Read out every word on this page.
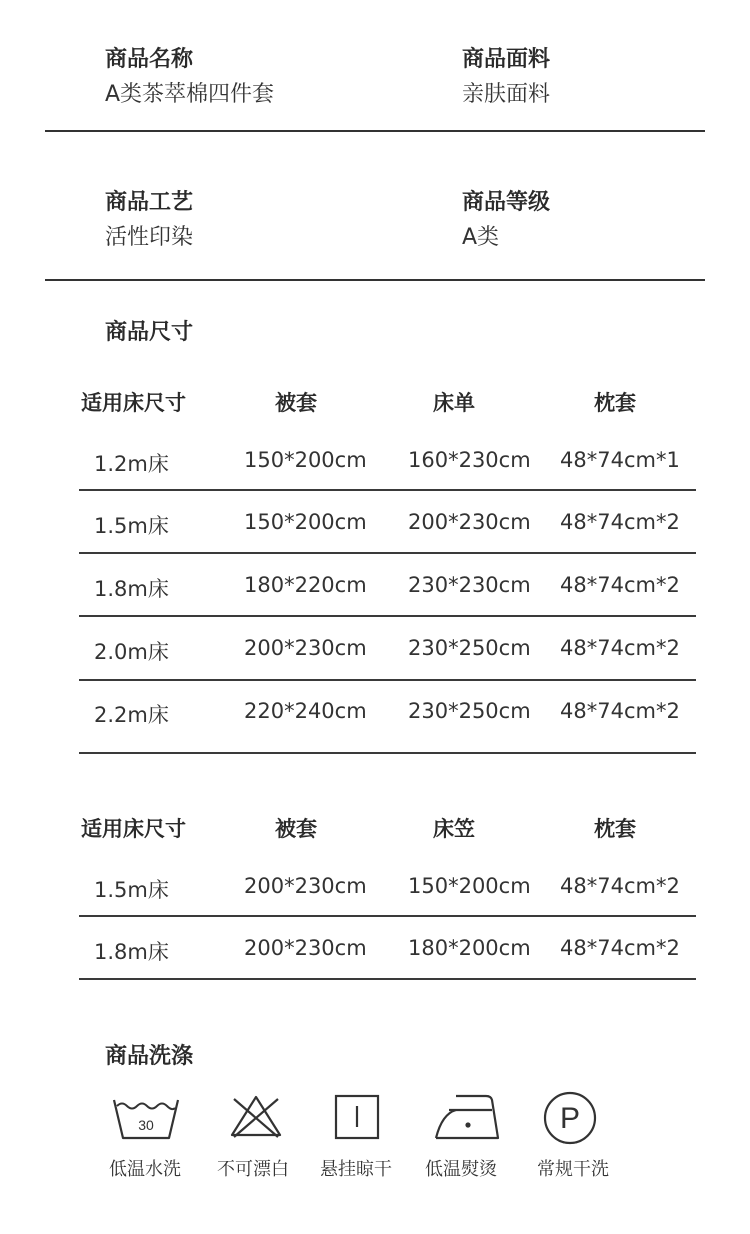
商品名称
A类茶萃棉四件套
商品面料
亲肤面料
商品工艺
活性印染
商品等级
A类
商品尺寸
适用床尺寸	被套	床单	枕套
1.2m床	150*200cm 160*230cm 48*74cm*1
1.5m床	150*200cm 200*230cm 48*74cm*2
1.8m床	180*220cm 230*230cm 48*74cm*2
2.0m床	200*230cm 230*250cm 48*74cm*2
2.2m床	220*240cm 230*250cm 48*74cm*2
适用床尺寸	被套	床笠	枕套
1.5m床	200*230cm 150*200cm 48*74cm*2
1.8m床	200*230cm 180*200cm 48*74cm*2
商品洗涤
30	P
低温水洗 不可漂白 悬挂晾干 低温熨烫 常规干洗
